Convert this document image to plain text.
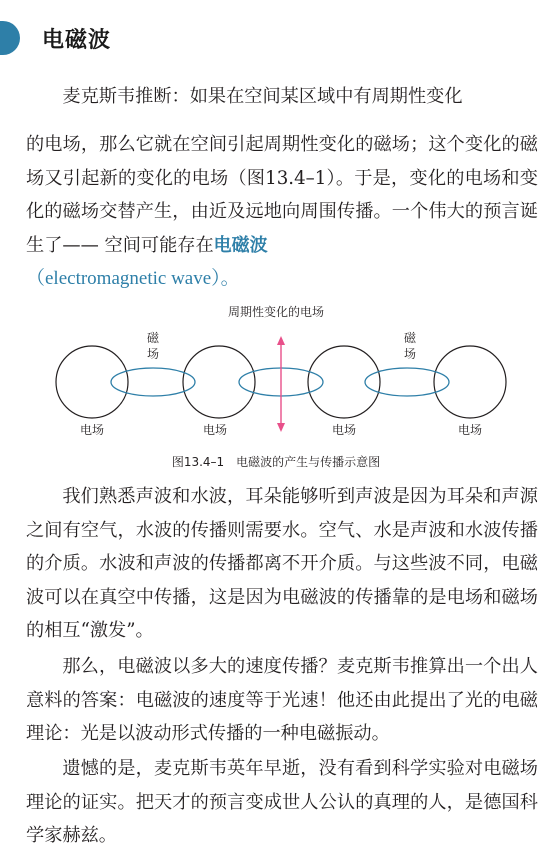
电磁波

麦克斯韦推断：如果在空间某区域中有周期性变化

的电场，那么它就在空间引起周期性变化的磁场；这个变化的磁场又引起新的变化的电场（图13.4–1）。于是，变化的电场和变化的磁场交替产生，由近及远地向周围传播。一个伟大的预言诞生了—— 空间可能存在电磁波
（electromagnetic wave）。

周期性变化的电场
磁
场
磁
场
电场	电场	电场	电场
图13.4–1　电磁波的产生与传播示意图

我们熟悉声波和水波，耳朵能够听到声波是因为耳朵和声源之间有空气，水波的传播则需要水。空气、水是声波和水波传播的介质。水波和声波的传播都离不开介质。与这些波不同，电磁波可以在真空中传播，这是因为电磁波的传播靠的是电场和磁场的相互“激发”。

那么，电磁波以多大的速度传播？麦克斯韦推算出一个出人意料的答案：电磁波的速度等于光速！他还由此提出了光的电磁理论：光是以波动形式传播的一种电磁振动。

遗憾的是，麦克斯韦英年早逝，没有看到科学实验对电磁场理论的证实。把天才的预言变成世人公认的真理的人，是德国科学家赫兹。
